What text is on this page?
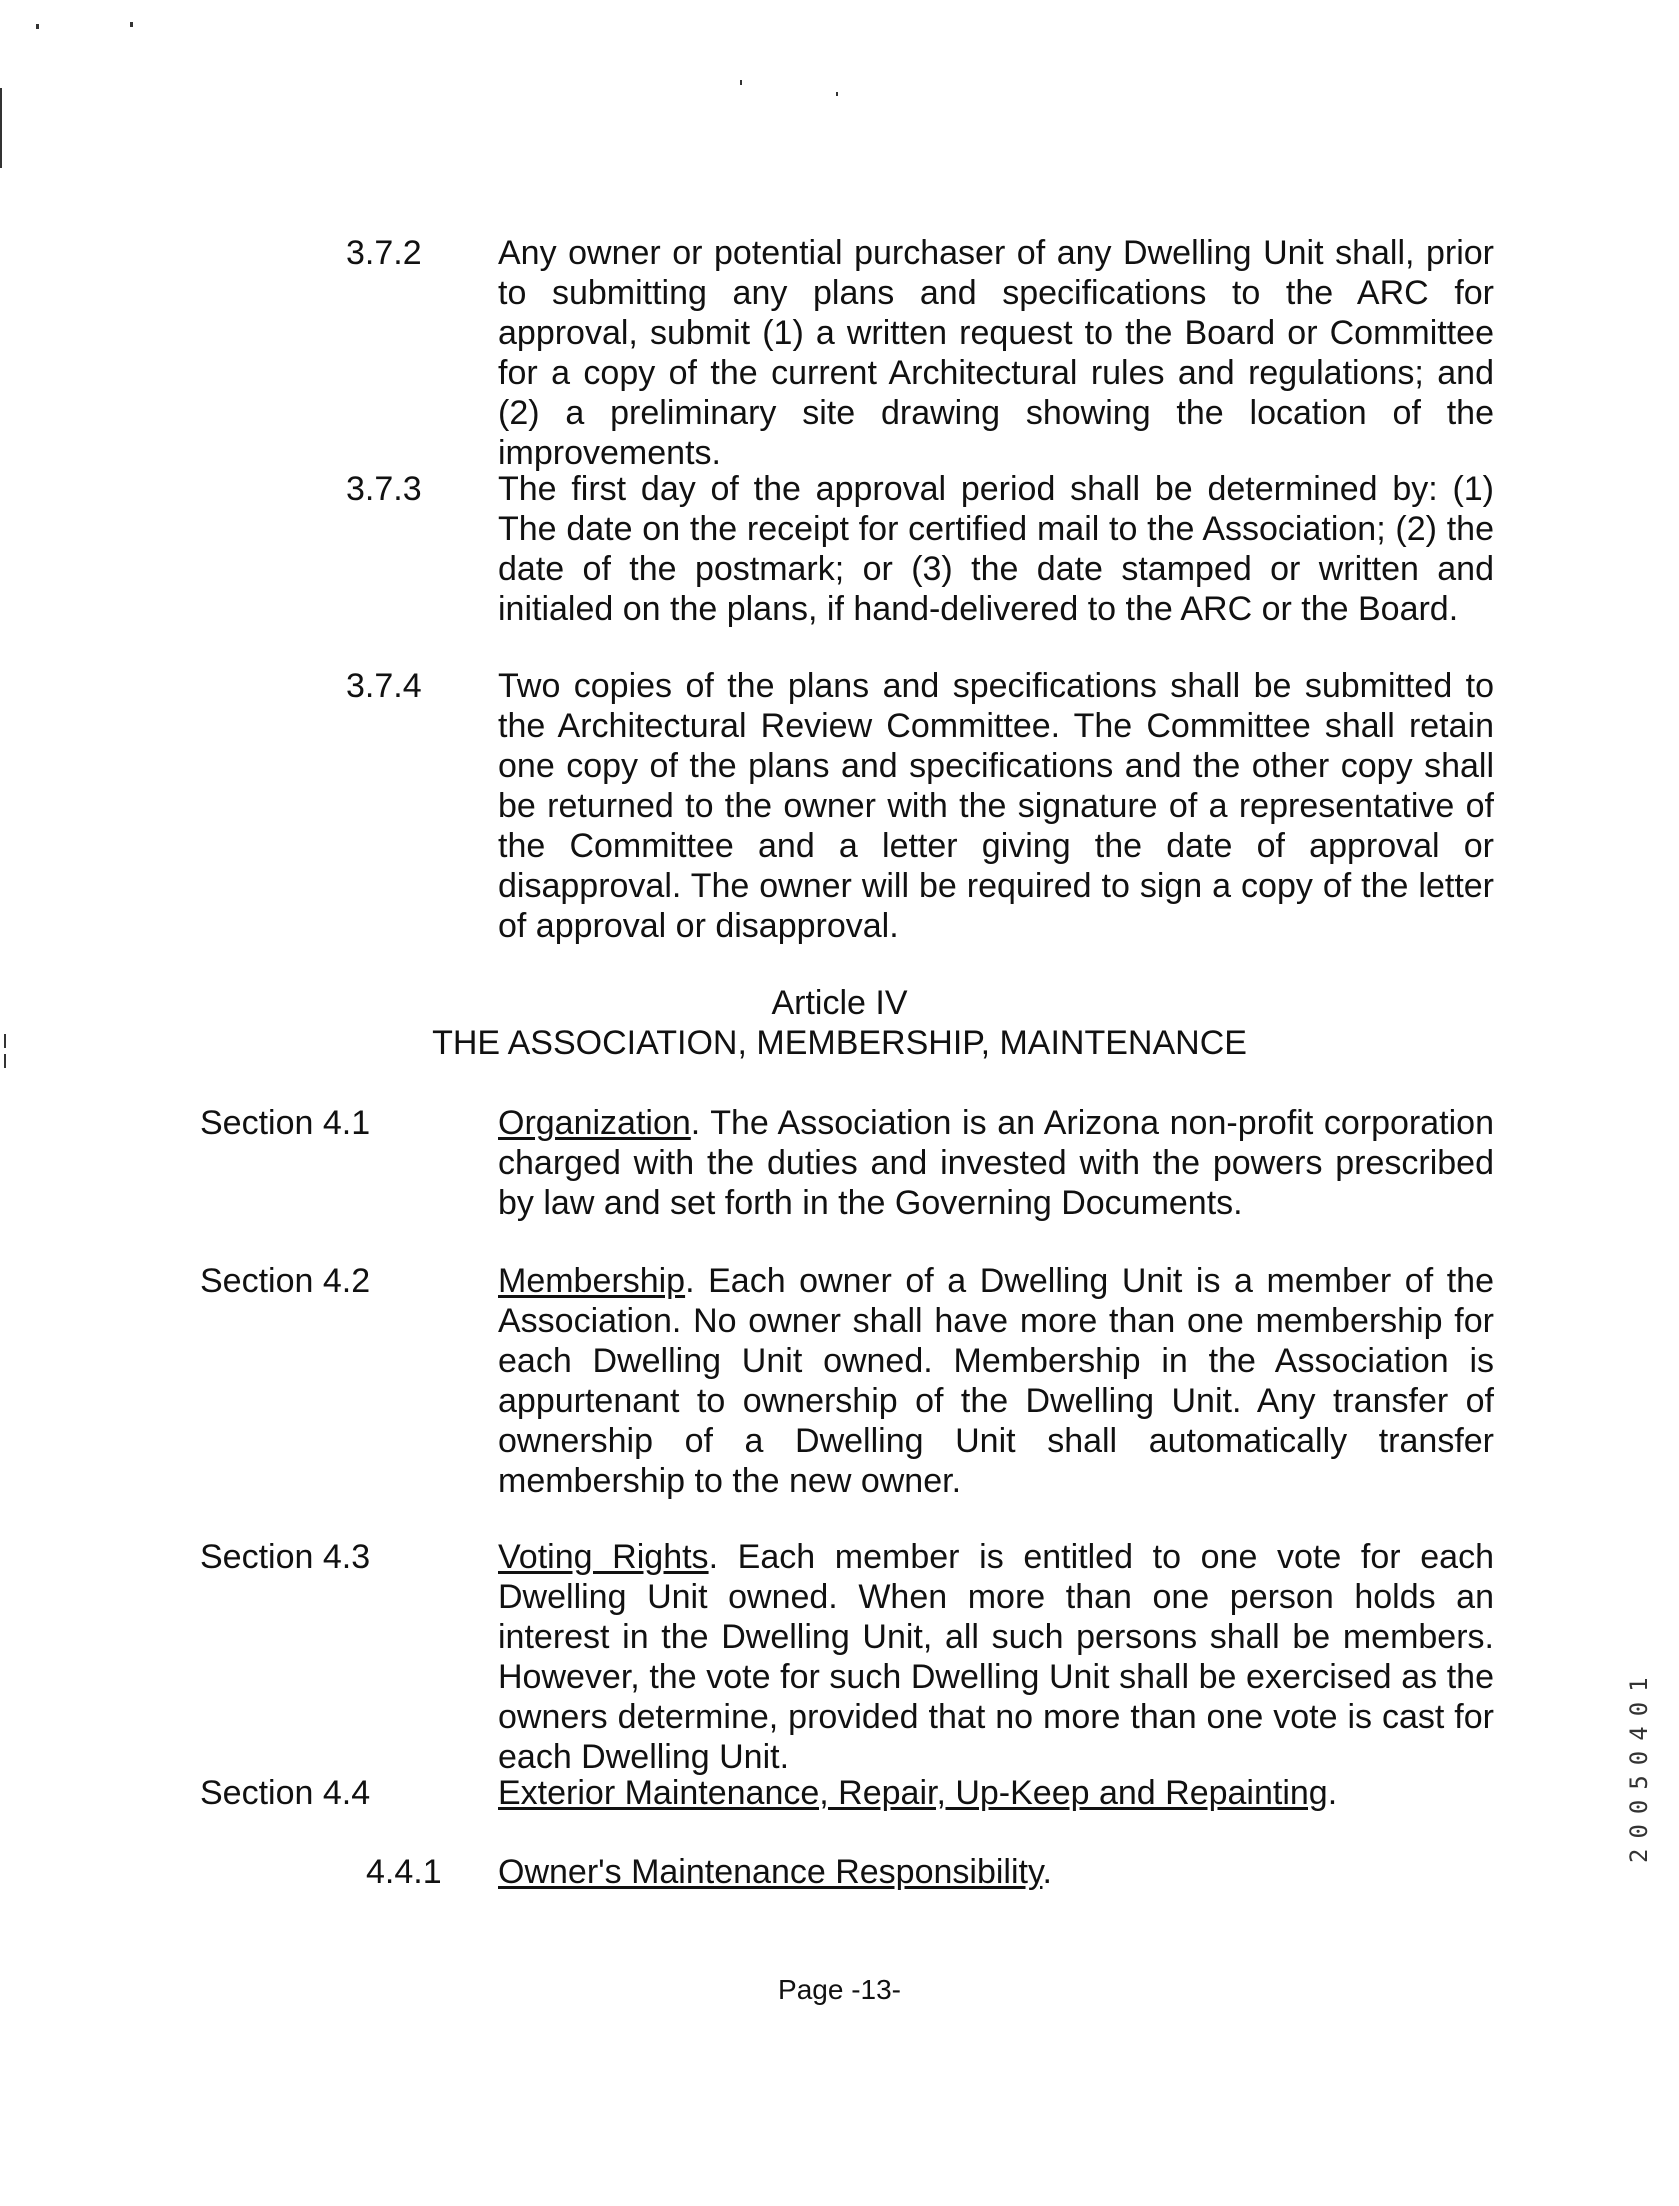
3.7.2 Any owner or potential purchaser of any Dwelling Unit shall, prior to submitting any plans and specifications to the ARC for approval, submit (1) a written request to the Board or Committee for a copy of the current Architectural rules and regulations; and (2) a preliminary site drawing showing the location of the improvements.
3.7.3 The first day of the approval period shall be determined by: (1) The date on the receipt for certified mail to the Association; (2) the date of the postmark; or (3) the date stamped or written and initialed on the plans, if hand-delivered to the ARC or the Board.
3.7.4 Two copies of the plans and specifications shall be submitted to the Architectural Review Committee. The Committee shall retain one copy of the plans and specifications and the other copy shall be returned to the owner with the signature of a representative of the Committee and a letter giving the date of approval or disapproval. The owner will be required to sign a copy of the letter of approval or disapproval.
Article IV
THE ASSOCIATION, MEMBERSHIP, MAINTENANCE
Section 4.1	Organization. The Association is an Arizona non-profit corporation charged with the duties and invested with the powers prescribed by law and set forth in the Governing Documents.
Section 4.2	Membership. Each owner of a Dwelling Unit is a member of the Association. No owner shall have more than one membership for each Dwelling Unit owned. Membership in the Association is appurtenant to ownership of the Dwelling Unit. Any transfer of ownership of a Dwelling Unit shall automatically transfer membership to the new owner.
Section 4.3	Voting Rights. Each member is entitled to one vote for each Dwelling Unit owned. When more than one person holds an interest in the Dwelling Unit, all such persons shall be members. However, the vote for such Dwelling Unit shall be exercised as the owners determine, provided that no more than one vote is cast for each Dwelling Unit.
Section 4.4	Exterior Maintenance, Repair, Up-Keep and Repainting.
4.4.1 Owner's Maintenance Responsibility.
Page -13-
20050401
